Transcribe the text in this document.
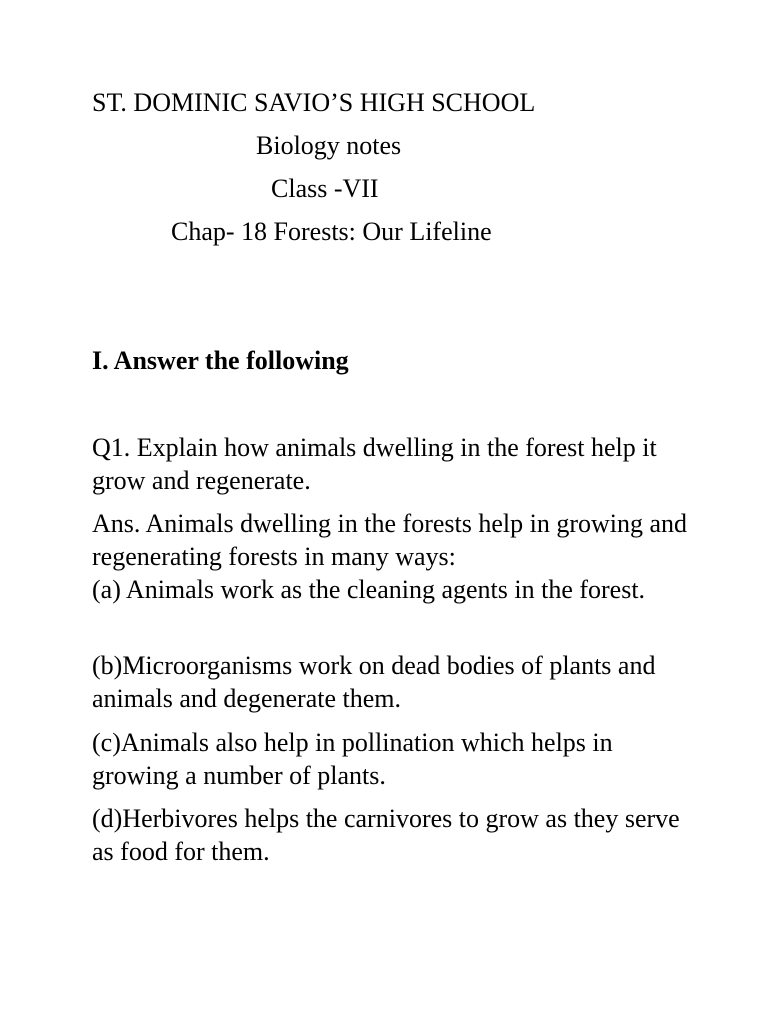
ST. DOMINIC SAVIO’S HIGH SCHOOL

Biology notes

Class -VII

Chap- 18 Forests: Our Lifeline

I. Answer the following

Q1. Explain how animals dwelling in the forest help it grow and regenerate.

Ans. Animals dwelling in the forests help in growing and regenerating forests in many ways:

(a) Animals work as the cleaning agents in the forest.

(b)Microorganisms work on dead bodies of plants and animals and degenerate them.

(c)Animals also help in pollination which helps in growing a number of plants.

(d)Herbivores helps the carnivores to grow as they serve as food for them.
